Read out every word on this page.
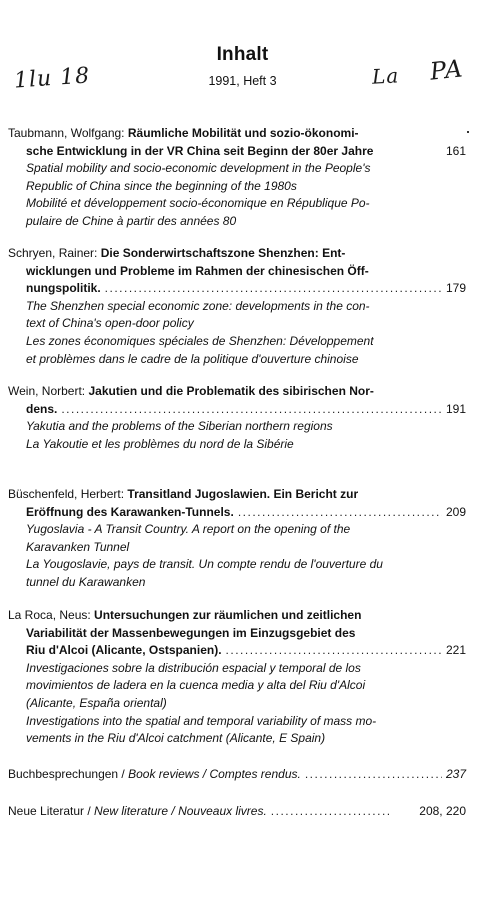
Inhalt
1991, Heft 3
1lu 18	La PA
Taubmann, Wolfgang: Räumliche Mobilität und sozio-ökonomi-
sche Entwicklung in der VR China seit Beginn der 80er Jahre	161
Spatial mobility and socio-economic development in the People's
Republic of China since the beginning of the 1980s
Mobilité et développement socio-économique en République Po-
pulaire de Chine à partir des années 80
Schryen, Rainer: Die Sonderwirtschaftszone Shenzhen: Ent-
wicklungen und Probleme im Rahmen der chinesischen Öff-
nungspolitik. .....	179
The Shenzhen special economic zone: developments in the con-
text of China's open-door policy
Les zones économiques spéciales de Shenzhen: Développement
et problèmes dans le cadre de la politique d'ouverture chinoise
Wein, Norbert: Jakutien und die Problematik des sibirischen Nor-
dens. .....	191
Yakutia and the problems of the Siberian northern regions
La Yakoutie et les problèmes du nord de la Sibérie
Büschenfeld, Herbert: Transitland Jugoslawien. Ein Bericht zur
Eröffnung des Karawanken-Tunnels. .....	209
Yugoslavia - A Transit Country. A report on the opening of the
Karavanken Tunnel
La Yougoslavie, pays de transit. Un compte rendu de l'ouverture du
tunnel du Karawanken
La Roca, Neus: Untersuchungen zur räumlichen und zeitlichen
Variabilität der Massenbewegungen im Einzugsgebiet des
Riu d'Alcoi (Alicante, Ostspanien). .....	221
Investigaciones sobre la distribución espacial y temporal de los
movimientos de ladera en la cuenca media y alta del Riu d'Alcoi
(Alicante, España oriental)
Investigations into the spatial and temporal variability of mass mo-
vements in the Riu d'Alcoi catchment (Alicante, E Spain)
Buchbesprechungen / Book reviews / Comptes rendus. .....	237
Neue Literatur / New literature / Nouveaux livres. .....	208, 220
